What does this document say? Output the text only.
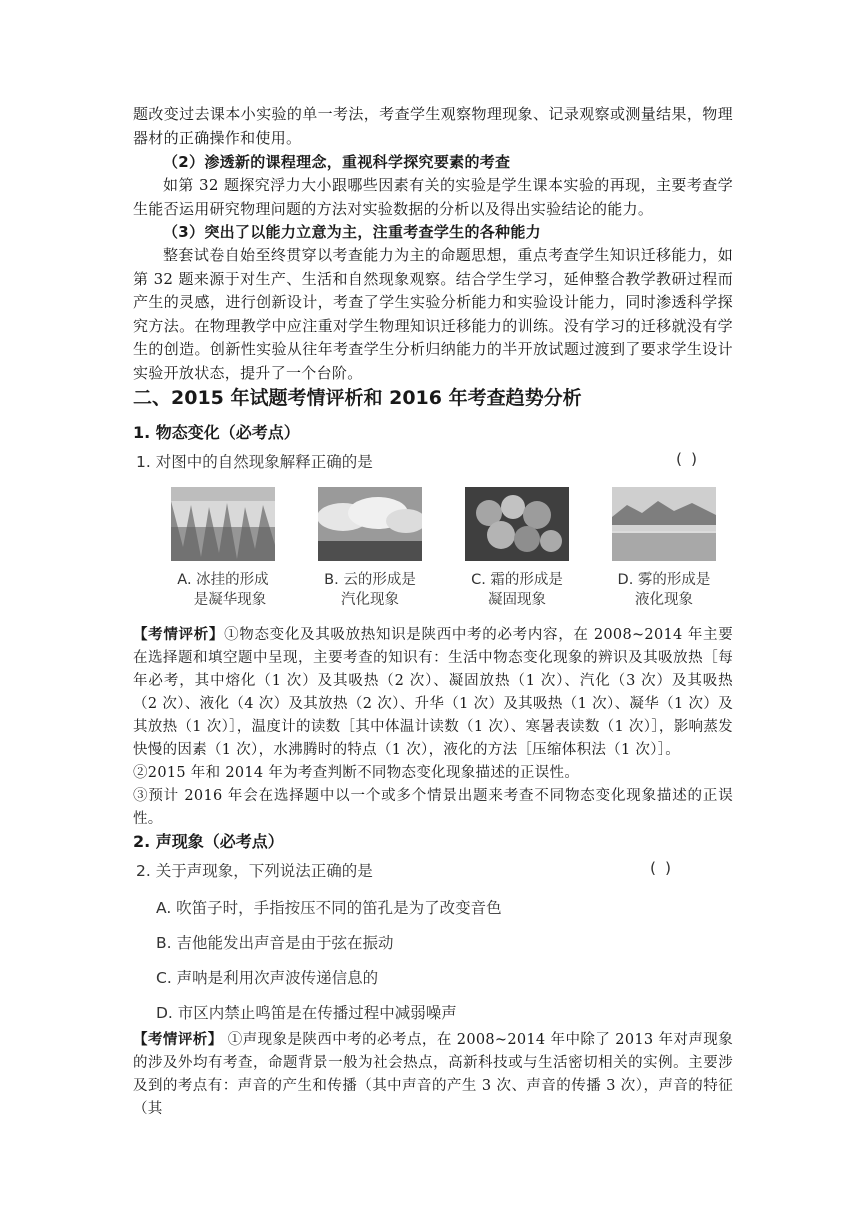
题改变过去课本小实验的单一考法，考查学生观察物理现象、记录观察或测量结果，物理器材的正确操作和使用。
（2）渗透新的课程理念，重视科学探究要素的考查
如第 32 题探究浮力大小跟哪些因素有关的实验是学生课本实验的再现，主要考查学生能否运用研究物理问题的方法对实验数据的分析以及得出实验结论的能力。
（3）突出了以能力立意为主，注重考查学生的各种能力
整套试卷自始至终贯穿以考查能力为主的命题思想，重点考查学生知识迁移能力，如第 32 题来源于对生产、生活和自然现象观察。结合学生学习，延伸整合教学教研过程而产生的灵感，进行创新设计，考查了学生实验分析能力和实验设计能力，同时渗透科学探究方法。在物理教学中应注重对学生物理知识迁移能力的训练。没有学习的迁移就没有学生的创造。创新性实验从往年考查学生分析归纳能力的半开放试题过渡到了要求学生设计实验开放状态，提升了一个台阶。
二、2015 年试题考情评析和 2016 年考查趋势分析
1. 物态变化（必考点）
1. 对图中的自然现象解释正确的是	( )
A. 冰挂的形成
是凝华现象
B. 云的形成是
汽化现象
C. 霜的形成是
凝固现象
D. 雾的形成是
液化现象
【考情评析】①物态变化及其吸放热知识是陕西中考的必考内容，在 2008~2014 年主要在选择题和填空题中呈现，主要考查的知识有：生活中物态变化现象的辨识及其吸放热［每年必考，其中熔化（1 次）及其吸热（2 次）、凝固放热（1 次）、汽化（3 次）及其吸热（2 次）、液化（4 次）及其放热（2 次）、升华（1 次）及其吸热（1 次）、凝华（1 次）及其放热（1 次）］，温度计的读数［其中体温计读数（1 次）、寒暑表读数（1 次）］，影响蒸发快慢的因素（1 次），水沸腾时的特点（1 次），液化的方法［压缩体积法（1 次）］。
②2015 年和 2014 年为考查判断不同物态变化现象描述的正误性。
③预计 2016 年会在选择题中以一个或多个情景出题来考查不同物态变化现象描述的正误性。
2. 声现象（必考点）
2. 关于声现象，下列说法正确的是	( )
A. 吹笛子时，手指按压不同的笛孔是为了改变音色
B. 吉他能发出声音是由于弦在振动
C. 声呐是利用次声波传递信息的
D. 市区内禁止鸣笛是在传播过程中减弱噪声
【考情评析】 ①声现象是陕西中考的必考点，在 2008~2014 年中除了 2013 年对声现象的涉及外均有考查，命题背景一般为社会热点，高新科技或与生活密切相关的实例。主要涉及到的考点有：声音的产生和传播（其中声音的产生 3 次、声音的传播 3 次），声音的特征（其
